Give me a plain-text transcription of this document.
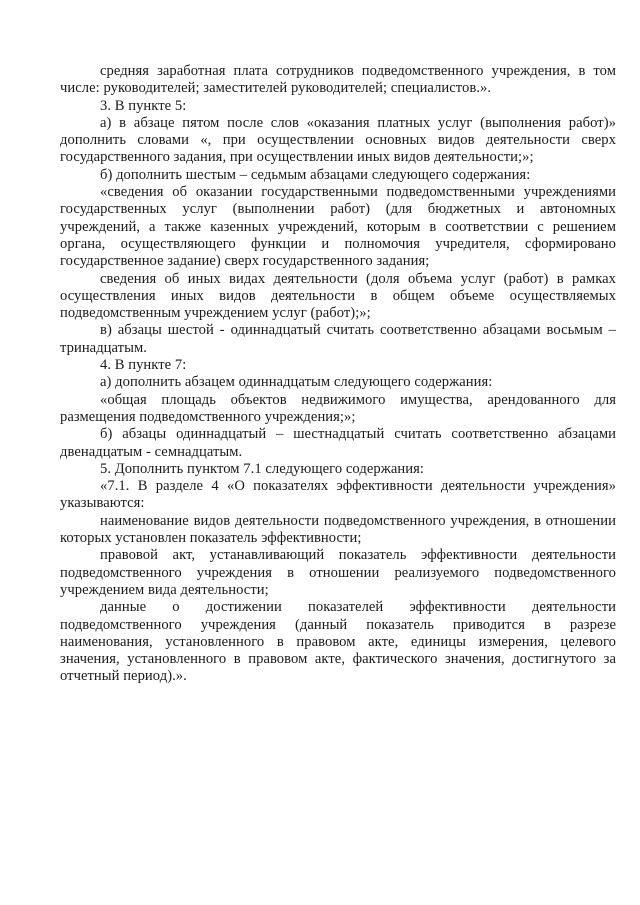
средняя заработная плата сотрудников подведомственного учреждения, в том числе: руководителей; заместителей руководителей; специалистов.».

3. В пункте 5:

а) в абзаце пятом после слов «оказания платных услуг (выполнения работ)» дополнить словами «, при осуществлении основных видов деятельности сверх государственного задания, при осуществлении иных видов деятельности;»;

б) дополнить шестым – седьмым абзацами следующего содержания:

«сведения об оказании государственными подведомственными учреждениями государственных услуг (выполнении работ) (для бюджетных и автономных учреждений, а также казенных учреждений, которым в соответствии с решением органа, осуществляющего функции и полномочия учредителя, сформировано государственное задание) сверх государственного задания;

сведения об иных видах деятельности (доля объема услуг (работ) в рамках осуществления иных видов деятельности в общем объеме осуществляемых подведомственным учреждением услуг (работ);»;

в) абзацы шестой - одиннадцатый считать соответственно абзацами восьмым – тринадцатым.

4. В пункте 7:

а) дополнить абзацем одиннадцатым следующего содержания:

«общая площадь объектов недвижимого имущества, арендованного для размещения подведомственного учреждения;»;

б) абзацы одиннадцатый – шестнадцатый считать соответственно абзацами двенадцатым - семнадцатым.

5. Дополнить пунктом 7.1 следующего содержания:

«7.1. В разделе 4 «О показателях эффективности деятельности учреждения» указываются:

наименование видов деятельности подведомственного учреждения, в отношении которых установлен показатель эффективности;

правовой акт, устанавливающий показатель эффективности деятельности подведомственного учреждения в отношении реализуемого подведомственного учреждением вида деятельности;

данные о достижении показателей эффективности деятельности подведомственного учреждения (данный показатель приводится в разрезе наименования, установленного в правовом акте, единицы измерения, целевого значения, установленного в правовом акте, фактического значения, достигнутого за отчетный период).».
